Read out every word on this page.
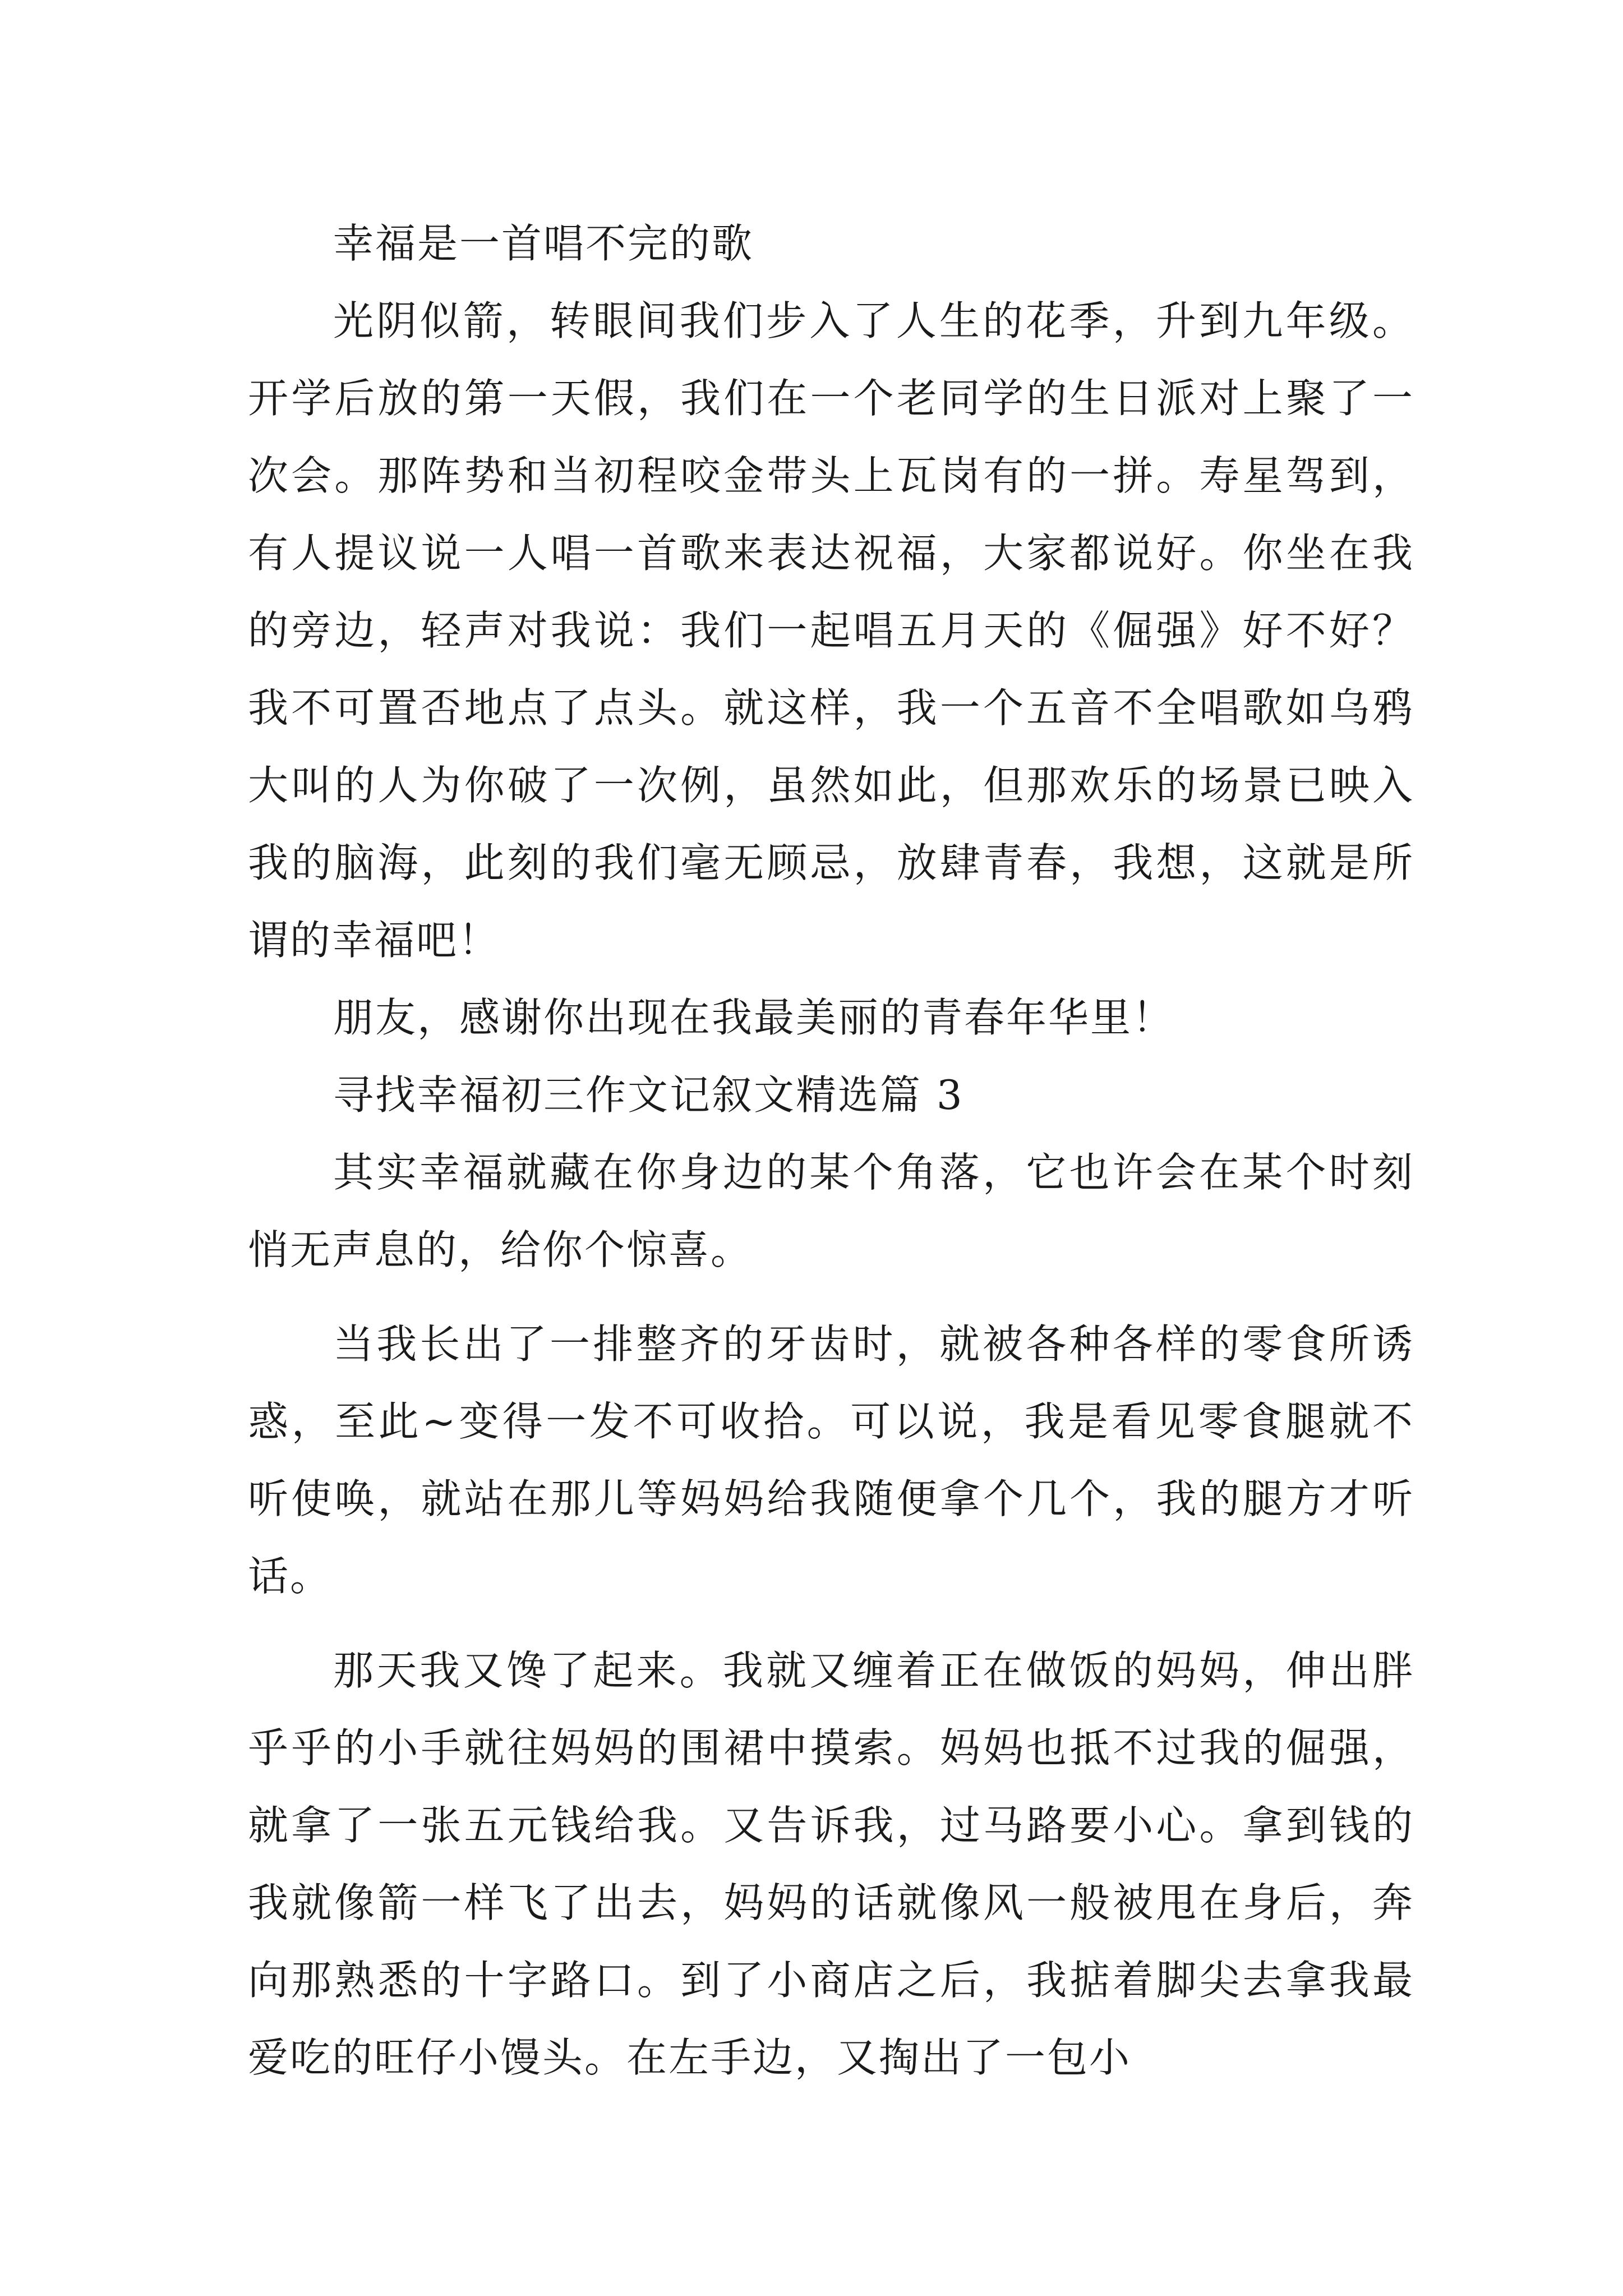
幸福是一首唱不完的歌

光阴似箭，转眼间我们步入了人生的花季，升到九年级。开学后放的第一天假，我们在一个老同学的生日派对上聚了一次会。那阵势和当初程咬金带头上瓦岗有的一拼。寿星驾到，有人提议说一人唱一首歌来表达祝福，大家都说好。你坐在我的旁边，轻声对我说：我们一起唱五月天的《倔强》好不好？我不可置否地点了点头。就这样，我一个五音不全唱歌如乌鸦大叫的人为你破了一次例，虽然如此，但那欢乐的场景已映入我的脑海，此刻的我们毫无顾忌，放肆青春，我想，这就是所谓的幸福吧！

朋友，感谢你出现在我最美丽的青春年华里！

寻找幸福初三作文记叙文精选篇 3

其实幸福就藏在你身边的某个角落，它也许会在某个时刻悄无声息的，给你个惊喜。

当我长出了一排整齐的牙齿时，就被各种各样的零食所诱惑，至此~变得一发不可收拾。可以说，我是看见零食腿就不听使唤，就站在那儿等妈妈给我随便拿个几个，我的腿方才听话。

那天我又馋了起来。我就又缠着正在做饭的妈妈，伸出胖乎乎的小手就往妈妈的围裙中摸索。妈妈也抵不过我的倔强，就拿了一张五元钱给我。又告诉我，过马路要小心。拿到钱的我就像箭一样飞了出去，妈妈的话就像风一般被甩在身后，奔向那熟悉的十字路口。到了小商店之后，我掂着脚尖去拿我最爱吃的旺仔小馒头。在左手边，又掏出了一包小
